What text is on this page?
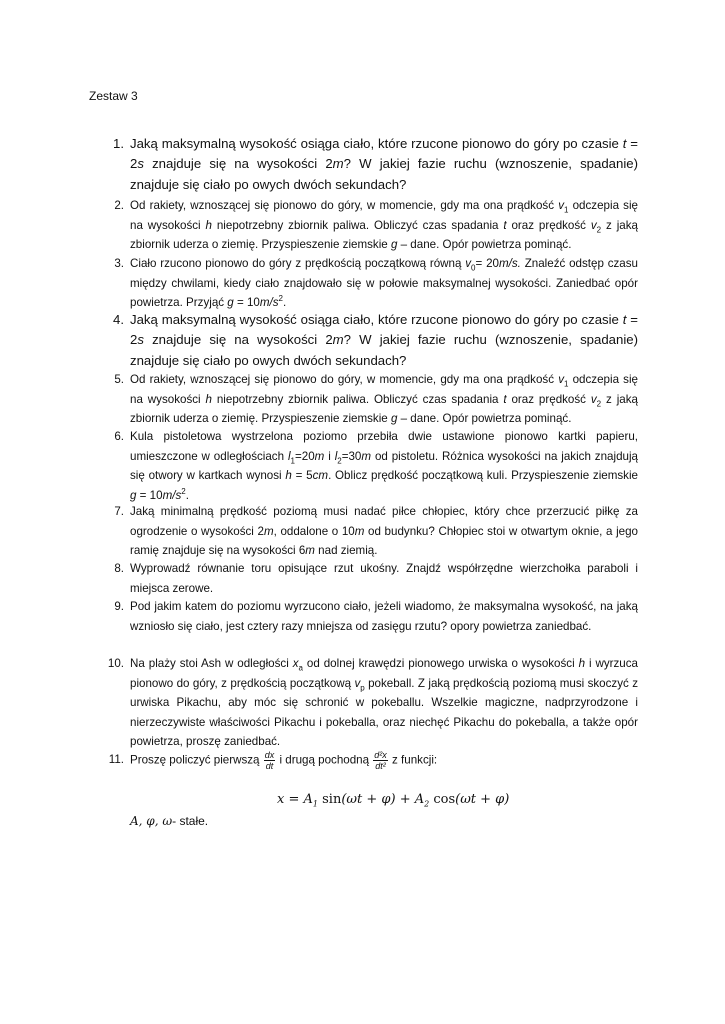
Zestaw 3
1. Jaką maksymalną wysokość osiąga ciało, które rzucone pionowo do góry po czasie t = 2s znajduje się na wysokości 2m? W jakiej fazie ruchu (wznoszenie, spadanie) znajduje się ciało po owych dwóch sekundach?

2. Od rakiety, wznoszącej się pionowo do góry, w momencie, gdy ma ona prądkość $v_1$ odczepia się na wysokości h niepotrzebny zbiornik paliwa. Obliczyć czas spadania t oraz prędkość $v_2$ z jaką zbiornik uderza o ziemię. Przyspieszenie ziemskie g – dane. Opór powietrza pominąć.

3. Ciało rzucono pionowo do góry z prędkością początkową równą $v_0= 20m/s$. Znaleźć odstęp czasu między chwilami, kiedy ciało znajdowało się w połowie maksymalnej wysokości. Zaniedbać opór powietrza. Przyjąć $g = 10m/s^2$.

4. Jaką maksymalną wysokość osiąga ciało, które rzucone pionowo do góry po czasie t = 2s znajduje się na wysokości 2m? W jakiej fazie ruchu (wznoszenie, spadanie) znajduje się ciało po owych dwóch sekundach?

5. Od rakiety, wznoszącej się pionowo do góry, w momencie, gdy ma ona prądkość $v_1$ odczepia się na wysokości h niepotrzebny zbiornik paliwa. Obliczyć czas spadania t oraz prędkość $v_2$ z jaką zbiornik uderza o ziemię. Przyspieszenie ziemskie g – dane. Opór powietrza pominąć.

6. Kula pistoletowa wystrzelona poziomo przebiła dwie ustawione pionowo kartki papieru, umieszczone w odległościach $l_1=20m$ i $l_2=30m$ od pistoletu. Różnica wysokości na jakich znajdują się otwory w kartkach wynosi h = 5cm. Oblicz prędkość początkową kuli. Przyspieszenie ziemskie $g = 10m/s^2$.

7. Jaką minimalną prędkość poziomą musi nadać piłce chłopiec, który chce przerzucić piłkę za ogrodzenie o wysokości 2m, oddalone o 10m od budynku? Chłopiec stoi w otwartym oknie, a jego ramię znajduje się na wysokości 6m nad ziemią.

8. Wyprowadź równanie toru opisujące rzut ukośny. Znajdź współrzędne wierzchołka paraboli i miejsca zerowe.

9. Pod jakim katem do poziomu wyrzucono ciało, jeżeli wiadomo, że maksymalna wysokość, na jaką wzniosło się ciało, jest cztery razy mniejsza od zasięgu rzutu? opory powietrza zaniedbać.

10. Na plaży stoi Ash w odległości $x_a$ od dolnej krawędzi pionowego urwiska o wysokości h i wyrzuca pionowo do góry, z prędkością początkową $v_p$ pokeball. Z jaką prędkością poziomą musi skoczyć z urwiska Pikachu, aby móc się schronić w pokeballu. Wszelkie magiczne, nadprzyrodzone i nierzeczywiste właściwości Pikachu i pokeballa, oraz niechęć Pikachu do pokeballa, a także opór powietrza, proszę zaniedbać.

11. Proszę policzyć pierwszą $\frac{dx}{dt}$ i drugą pochodną $\frac{\text{d²x}}{\text{dt²}}$ z funkcji:

$x = A_1$ $\sin(\omega t + \varphi) + A_2$ cos(ωt + φ)
A, φ, ω- stałe.
